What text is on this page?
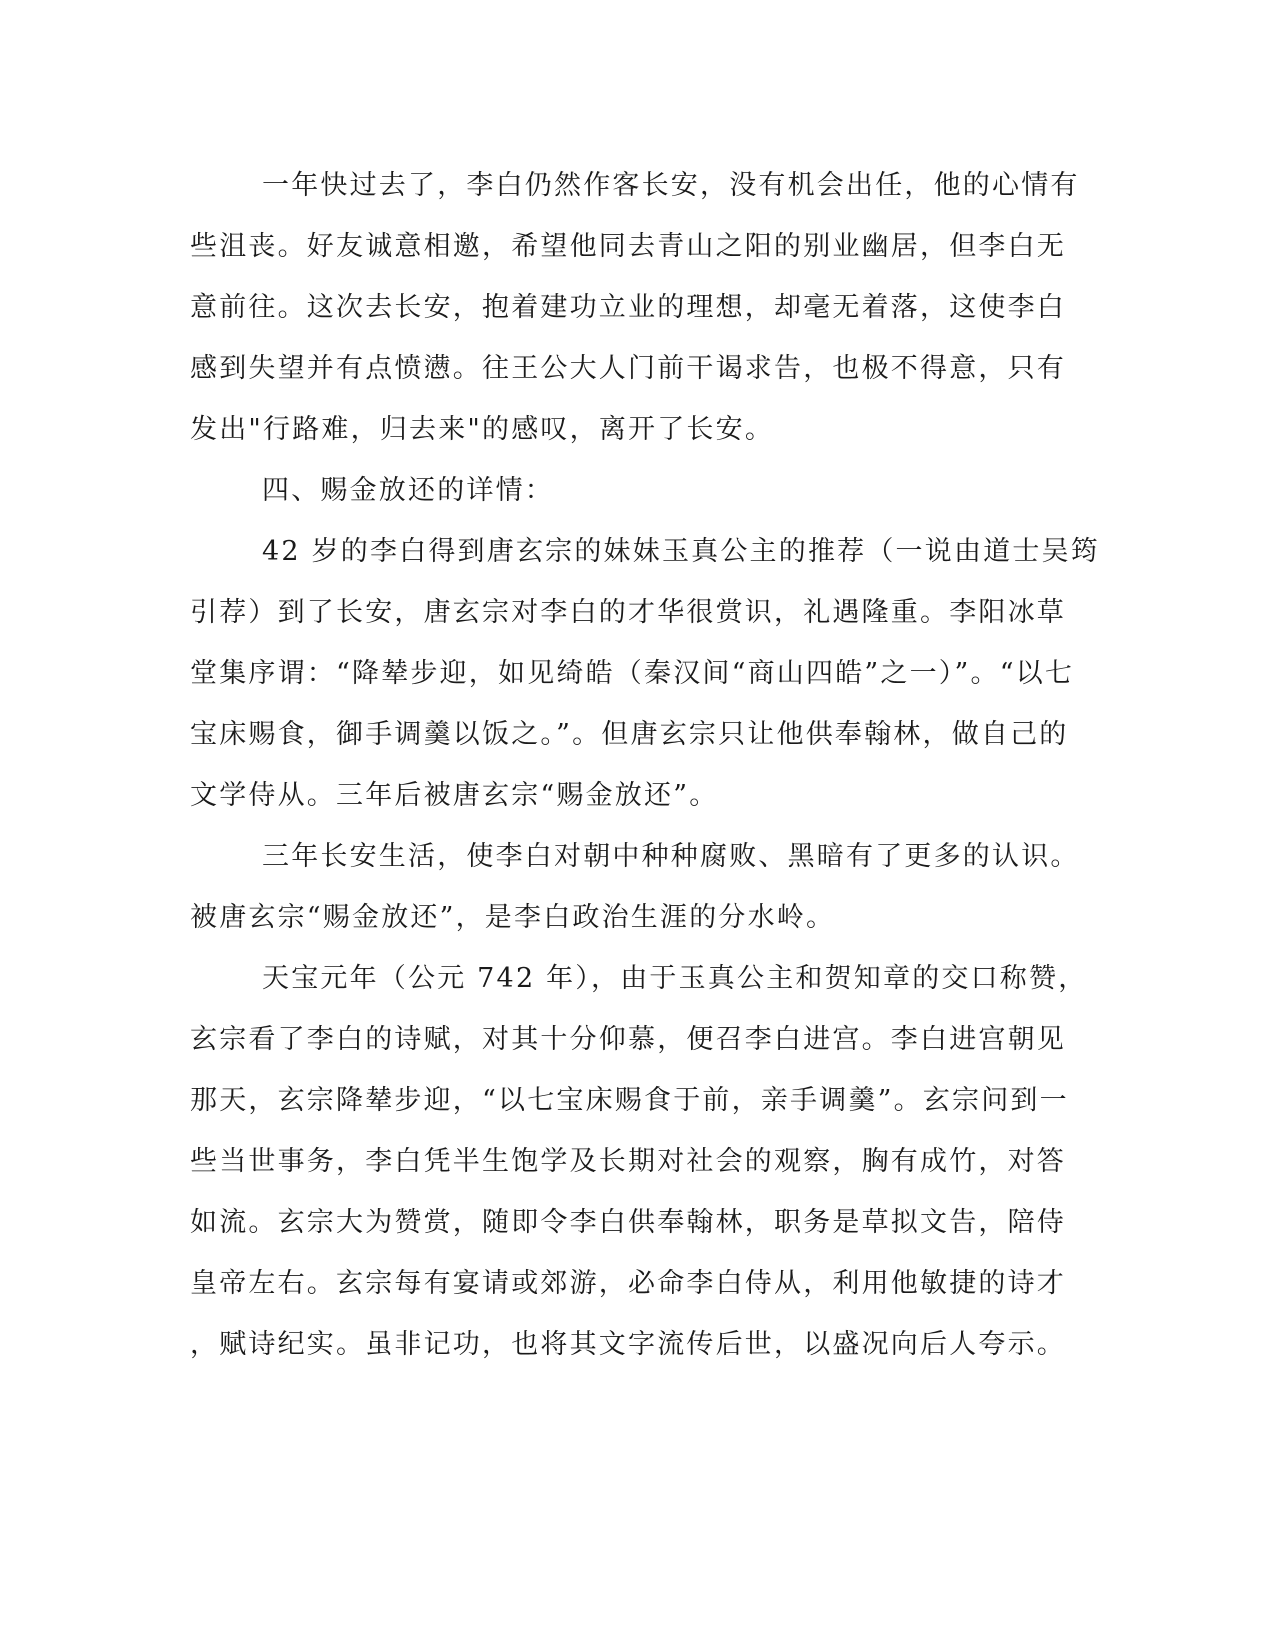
一年快过去了，李白仍然作客长安，没有机会出任，他的心情有
些沮丧。好友诚意相邀，希望他同去青山之阳的别业幽居，但李白无
意前往。这次去长安，抱着建功立业的理想，却毫无着落，这使李白
感到失望并有点愤懑。往王公大人门前干谒求告，也极不得意，只有
发出"行路难，归去来"的感叹，离开了长安。
四、赐金放还的详情：
42 岁的李白得到唐玄宗的妹妹玉真公主的推荐（一说由道士吴筠
引荐）到了长安，唐玄宗对李白的才华很赏识，礼遇隆重。李阳冰草
堂集序谓：“降辇步迎，如见绮皓（秦汉间“商山四皓”之一）”。“以七
宝床赐食，御手调羹以饭之。”。但唐玄宗只让他供奉翰林，做自己的
文学侍从。三年后被唐玄宗“赐金放还”。
三年长安生活，使李白对朝中种种腐败、黑暗有了更多的认识。
被唐玄宗“赐金放还”，是李白政治生涯的分水岭。
天宝元年（公元 742 年），由于玉真公主和贺知章的交口称赞，
玄宗看了李白的诗赋，对其十分仰慕，便召李白进宫。李白进宫朝见
那天，玄宗降辇步迎，“以七宝床赐食于前，亲手调羹”。玄宗问到一
些当世事务，李白凭半生饱学及长期对社会的观察，胸有成竹，对答
如流。玄宗大为赞赏，随即令李白供奉翰林，职务是草拟文告，陪侍
皇帝左右。玄宗每有宴请或郊游，必命李白侍从，利用他敏捷的诗才
，赋诗纪实。虽非记功，也将其文字流传后世，以盛况向后人夸示。
